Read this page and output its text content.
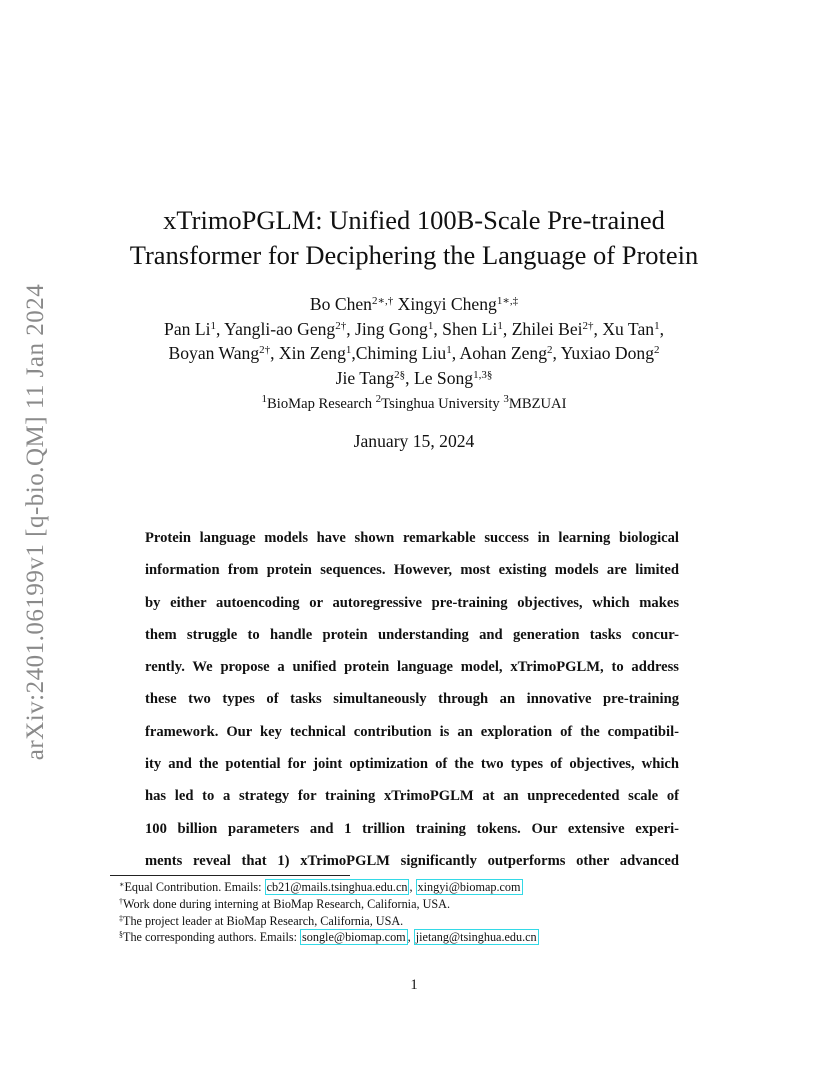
arXiv:2401.06199v1 [q-bio.QM] 11 Jan 2024
xTrimoPGLM: Unified 100B-Scale Pre-trained
Transformer for Deciphering the Language of Protein
Bo Chen$^{2∗,\dagger}$ Xingyi Cheng$^{1∗,\ddagger}$
Pan Li$^1$, Yangli-ao Geng$^{2\dagger}$, Jing Gong$^1$, Shen Li$^1$, Zhilei Bei$^{2\dagger}$, Xu Tan$^1$,
Boyan Wang$^{2\dagger}$, Xin Zeng$^1$,Chiming Liu$^1$, Aohan Zeng$^2$, Yuxiao Dong$^2$
Jie Tang$^{2\S}$, Le Song$^{1,3\S}$
$^1$BioMap Research $^2$Tsinghua University $^3$MBZUAI
January 15, 2024
Protein language models have shown remarkable success in learning biological
information from protein sequences. However, most existing models are limited
by either autoencoding or autoregressive pre-training objectives, which makes
them struggle to handle protein understanding and generation tasks concur-
rently. We propose a unified protein language model, xTrimoPGLM, to address
these two types of tasks simultaneously through an innovative pre-training
framework. Our key technical contribution is an exploration of the compatibil-
ity and the potential for joint optimization of the two types of objectives, which
has led to a strategy for training xTrimoPGLM at an unprecedented scale of
100 billion parameters and 1 trillion training tokens. Our extensive experi-
ments reveal that 1) xTrimoPGLM significantly outperforms other advanced
∗Equal Contribution. Emails: cb21@mails.tsinghua.edu.cn , xingyi@biomap.com
†Work done during interning at BioMap Research, California, USA.
‡The project leader at BioMap Research, California, USA.
§The corresponding authors. Emails: songle@biomap.com , jietang@tsinghua.edu.cn
1
